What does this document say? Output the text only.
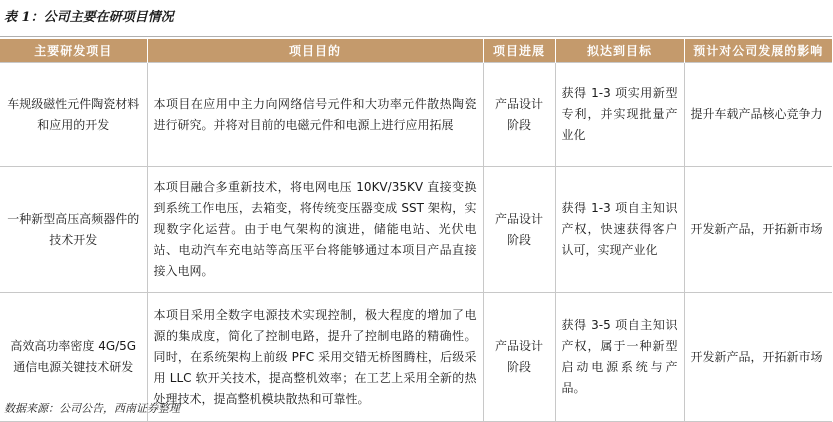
表 1：公司主要在研项目情况
主要研发项目	项目目的	项目进展	拟达到目标	预计对公司发展的影响
车规级磁性元件陶瓷材料和应用的开发	本项目在应用中主力向网络信号元件和大功率元件散热陶瓷进行研究。并将对目前的电磁元件和电源上进行应用拓展	产品设计阶段	获得 1-3 项实用新型专利，并实现批量产业化	提升车载产品核心竞争力
一种新型高压高频器件的技术开发	本项目融合多重新技术，将电网电压 10KV/35KV 直接变换到系统工作电压，去箱变，将传统变压器变成 SST 架构，实现数字化运营。由于电气架构的演进，储能电站、光伏电站、电动汽车充电站等高压平台将能够通过本项目产品直接接入电网。	产品设计阶段	获得 1-3 项自主知识产权，快速获得客户认可，实现产业化	开发新产品，开拓新市场
高效高功率密度 4G/5G 通信电源关键技术研发	本项目采用全数字电源技术实现控制，极大程度的增加了电源的集成度，简化了控制电路，提升了控制电路的精确性。同时，在系统架构上前级 PFC 采用交错无桥图腾柱，后级采用 LLC 软开关技术，提高整机效率；在工艺上采用全新的热处理技术，提高整机模块散热和可靠性。	产品设计阶段	获得 3-5 项自主知识产权，属于一种新型启动电源系统与产品。	开发新产品，开拓新市场
数据来源：公司公告，西南证券整理
